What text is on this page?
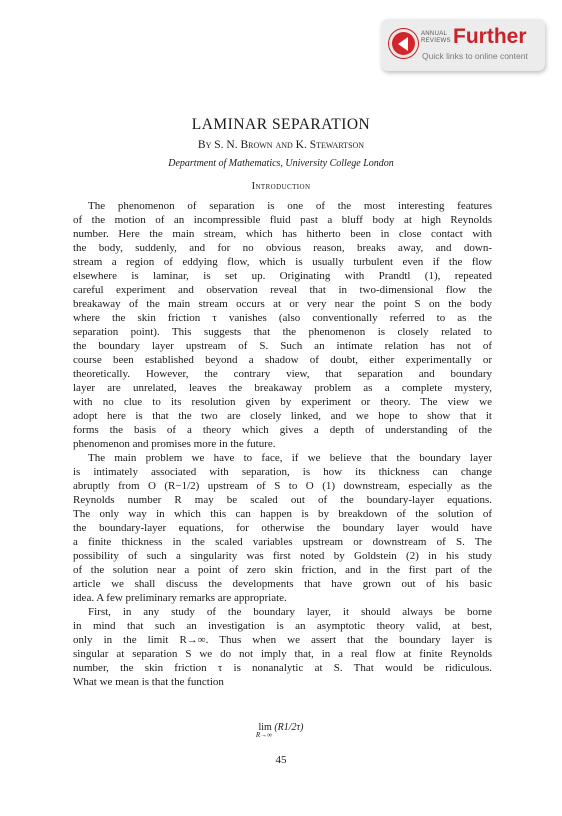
ANNUAL
REVIEWS Further
Quick links to online content
LAMINAR SEPARATION
By S. N. Brown and K. Stewartson
Department of Mathematics, University College London
Introduction
The phenomenon of separation is one of the most interesting features
of the motion of an incompressible fluid past a bluff body at high Reynolds
number. Here the main stream, which has hitherto been in close contact with
the body, suddenly, and for no obvious reason, breaks away, and down-
stream a region of eddying flow, which is usually turbulent even if the flow
elsewhere is laminar, is set up. Originating with Prandtl (1), repeated
careful experiment and observation reveal that in two-dimensional flow the
breakaway of the main stream occurs at or very near the point S on the body
where the skin friction τ vanishes (also conventionally referred to as the
separation point). This suggests that the phenomenon is closely related to
the boundary layer upstream of S. Such an intimate relation has not of
course been established beyond a shadow of doubt, either experimentally or
theoretically. However, the contrary view, that separation and boundary
layer are unrelated, leaves the breakaway problem as a complete mystery,
with no clue to its resolution given by experiment or theory. The view we
adopt here is that the two are closely linked, and we hope to show that it
forms the basis of a theory which gives a depth of understanding of the
phenomenon and promises more in the future.
The main problem we have to face, if we believe that the boundary layer
is intimately associated with separation, is how its thickness can change
abruptly from O (R−1/2) upstream of S to O (1) downstream, especially as the
Reynolds number R may be scaled out of the boundary-layer equations.
The only way in which this can happen is by breakdown of the solution of
the boundary-layer equations, for otherwise the boundary layer would have
a finite thickness in the scaled variables upstream or downstream of S. The
possibility of such a singularity was first noted by Goldstein (2) in his study
of the solution near a point of zero skin friction, and in the first part of the
article we shall discuss the developments that have grown out of his basic
idea. A few preliminary remarks are appropriate.
First, in any study of the boundary layer, it should always be borne
in mind that such an investigation is an asymptotic theory valid, at best,
only in the limit R→∞. Thus when we assert that the boundary layer is
singular at separation S we do not imply that, in a real flow at finite Reynolds
number, the skin friction τ is nonanalytic at S. That would be ridiculous.
What we mean is that the function
lim (R1/2τ)
R→∞
45
